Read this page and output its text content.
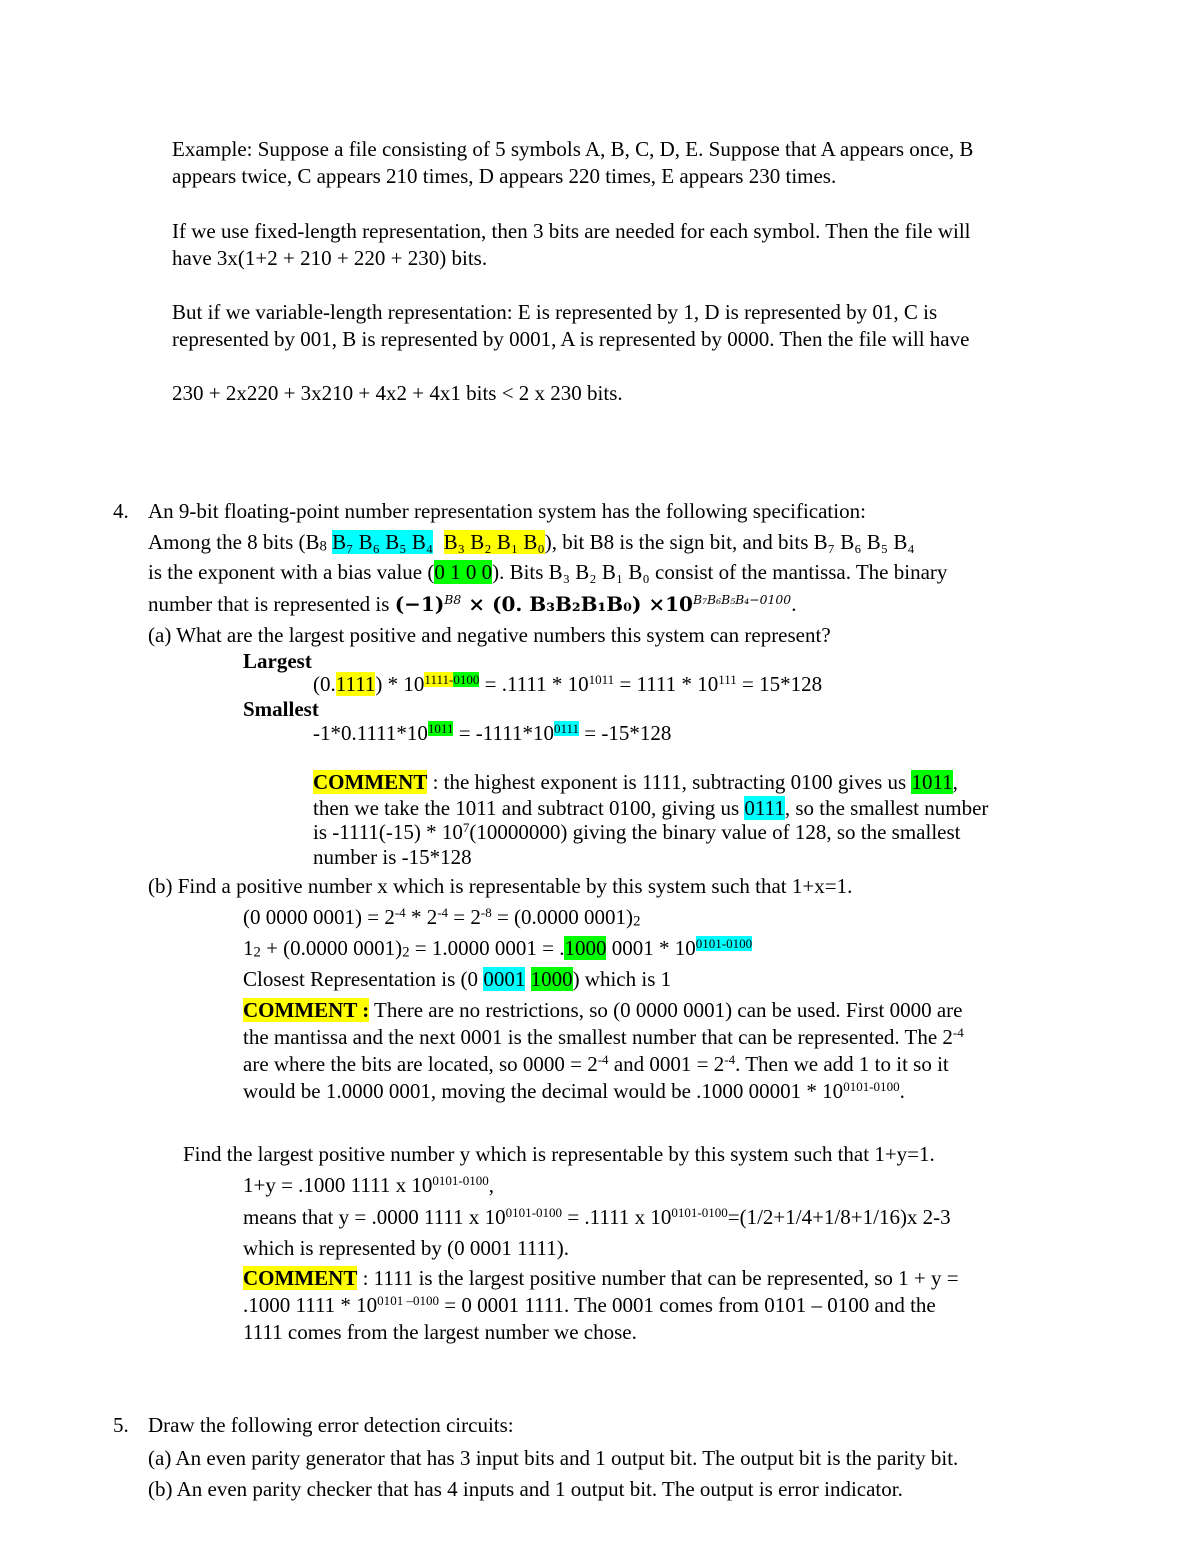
Example: Suppose a file consisting of 5 symbols A, B, C, D, E. Suppose that A appears once, B
appears twice, C appears 210 times, D appears 220 times, E appears 230 times.
If we use fixed-length representation, then 3 bits are needed for each symbol. Then the file will
have 3x(1+2 + 210 + 220 + 230) bits.
But if we variable-length representation: E is represented by 1, D is represented by 01, C is
represented by 001, B is represented by 0001, A is represented by 0000. Then the file will have
230 + 2x220 + 3x210 + 4x2 + 4x1 bits < 2 x 230 bits.
4. An 9-bit floating-point number representation system has the following specification:
Among the 8 bits ($B_8$ B₇ B₆ B₅ B₄ B₃ B₂ B₁ B₀), bit B8 is the sign bit, and bits B₇ B₆ B₅ B₄
is the exponent with a bias value (0 1 0 0). Bits B₃ B₂ B₁ B₀ consist of the mantissa. The binary
number that is represented is $(-1)^{B8} \times (0$. $B_3B_2B_1B_0) \times 10^{B_7B_6B_5B_4-0100}$.
(a) What are the largest positive and negative numbers this system can represent?
Largest
$(0.1111) * 10^{1111-0100} = .1111 * 10^{1011} = 1111 * 10^{111} = 15*128$
Smallest
$-1*0.1111*10^{1011} = -1111*10^{0111} = -15*128$
COMMENT : the highest exponent is 1111, subtracting 0100 gives us 1011,
then we take the 1011 and subtract 0100, giving us 0111, so the smallest number
is $-1111(-15) * 10^7(10000000)$ giving the binary value of 128, so the smallest
number is -15*128
(b) Find a positive number x which is representable by this system such that 1+x=1.
(0 0000 $0001) = 2^{-4} * 2^{-4} = 2^{-8} = (0.0000$ $0001)_2$
$1_2 + (0.0000$ $0001)_2 = 1.0000$ 0001 = .1000 $0001 * 10^{0101-0100}$
Closest Representation is (0 0001 1000) which is 1
COMMENT : There are no restrictions, so (0 0000 0001) can be used. First 0000 are
the mantissa and the next 0001 is the smallest number that can be represented. The $2^{-4}$
are where the bits are located, so $0000 = 2^{-4}$ and $0001 = 2^{-4}$. Then we add 1 to it so it
would be 1.0000 0001, moving the decimal would be .1000 $00001 * 10^{0101-0100}$.
Find the largest positive number y which is representable by this system such that 1+y=1.
1+y = .1000 1111 x $10^{0101-0100}$,
means that y = .0000 1111 x $10^{0101-0100} = .1111$ x $10^{0101-0100}=(1/2+1/4+1/8+1/16)x$ 2-3
which is represented by (0 0001 1111).
COMMENT : 1111 is the largest positive number that can be represented, so 1 + y =
.1000 $1111 * 10^{0101 -0100} = 0$ 0001 1111. The 0001 comes from 0101 – 0100 and the
1111 comes from the largest number we chose.
5. Draw the following error detection circuits:
(a) An even parity generator that has 3 input bits and 1 output bit. The output bit is the parity bit.
(b) An even parity checker that has 4 inputs and 1 output bit. The output is error indicator.
